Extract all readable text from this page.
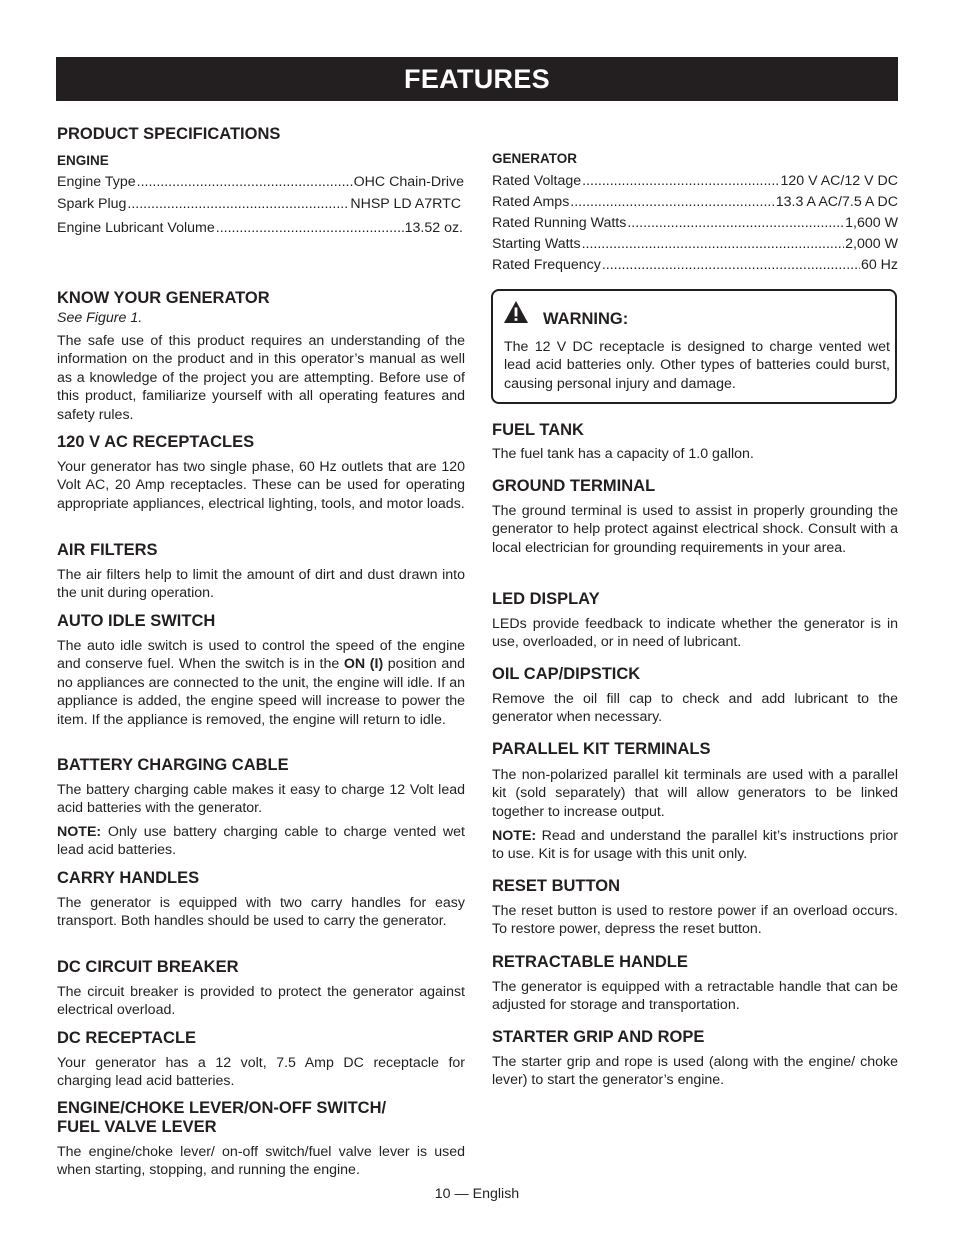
FEATURES
PRODUCT SPECIFICATIONS
ENGINE
Engine Type .....	OHC Chain-Drive
Spark Plug .....	NHSP LD A7RTC
Engine Lubricant Volume .....	13.52 oz.
KNOW YOUR GENERATOR

See Figure 1.

The safe use of this product requires an understanding of the information on the product and in this operator’s manual as well as a knowledge of the project you are attempting. Before use of this product, familiarize yourself with all operating features and safety rules.

120 V AC RECEPTACLES

Your generator has two single phase, 60 Hz outlets that are 120 Volt AC, 20 Amp receptacles. These can be used for operating appropriate appliances, electrical lighting, tools, and motor loads.

AIR FILTERS

The air filters help to limit the amount of dirt and dust drawn into the unit during operation.

AUTO IDLE SWITCH

The auto idle switch is used to control the speed of the engine and conserve fuel. When the switch is in the ON (I) position and no appliances are connected to the unit, the engine will idle. If an appliance is added, the engine speed will increase to power the item. If the appliance is removed, the engine will return to idle.

BATTERY CHARGING CABLE

The battery charging cable makes it easy to charge 12 Volt lead acid batteries with the generator.

NOTE: Only use battery charging cable to charge vented wet lead acid batteries.

CARRY HANDLES

The generator is equipped with two carry handles for easy transport. Both handles should be used to carry the generator.

DC CIRCUIT BREAKER

The circuit breaker is provided to protect the generator against electrical overload.

DC RECEPTACLE

Your generator has a 12 volt, 7.5 Amp DC receptacle for charging lead acid batteries.

ENGINE/CHOKE LEVER/ON-OFF SWITCH/
FUEL VALVE LEVER

The engine/choke lever/ on-off switch/fuel valve lever is used when starting, stopping, and running the engine.

GENERATOR
Rated Voltage .....	120 V AC/12 V DC
Rated Amps .....	13.3 A AC/7.5 A DC
Rated Running Watts .....	1,600 W
Starting Watts .....	2,000 W
Rated Frequency .....	60 Hz
FUEL TANK

The fuel tank has a capacity of 1.0 gallon.

GROUND TERMINAL

The ground terminal is used to assist in properly grounding the generator to help protect against electrical shock. Consult with a local electrician for grounding requirements in your area.

LED DISPLAY

LEDs provide feedback to indicate whether the generator is in use, overloaded, or in need of lubricant.

OIL CAP/DIPSTICK

Remove the oil fill cap to check and add lubricant to the generator when necessary.

PARALLEL KIT TERMINALS

The non-polarized parallel kit terminals are used with a parallel kit (sold separately) that will allow generators to be linked together to increase output.

NOTE: Read and understand the parallel kit’s instructions prior to use. Kit is for usage with this unit only.

RESET BUTTON

The reset button is used to restore power if an overload occurs. To restore power, depress the reset button.

RETRACTABLE HANDLE

The generator is equipped with a retractable handle that can be adjusted for storage and transportation.

STARTER GRIP AND ROPE

The starter grip and rope is used (along with the engine/ choke lever) to start the generator’s engine.

WARNING:

The 12 V DC receptacle is designed to charge vented wet lead acid batteries only. Other types of batteries could burst, causing personal injury and damage.

10 — English
